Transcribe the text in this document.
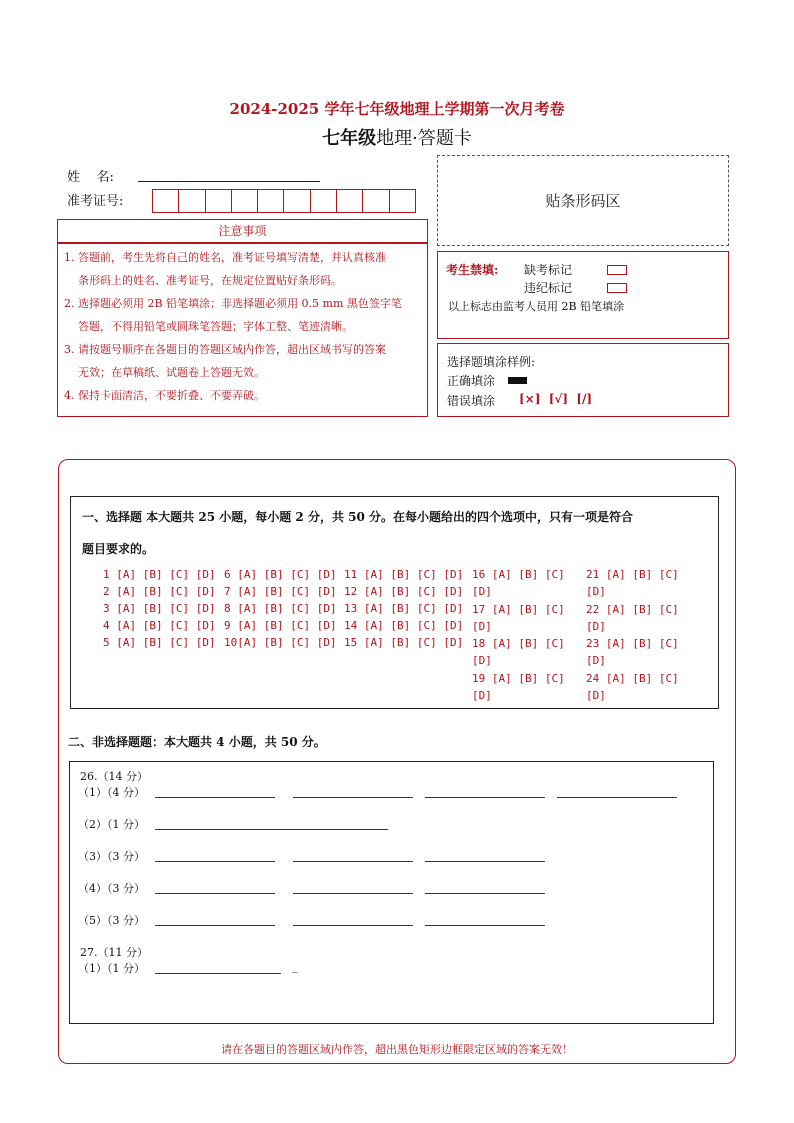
2024-2025 学年七年级地理上学期第一次月考卷
七年级地理·答题卡
姓    名:
准考证号:	贴条形码区
注意事项
1. 答题前，考生先将自己的姓名，准考证号填写清楚，并认真核准
条形码上的姓名、准考证号，在规定位置贴好条形码。
2. 选择题必须用 2B 铅笔填涂；非选择题必须用 0.5 mm 黑色签字笔
答题，不得用铅笔或圆珠笔答题；字体工整、笔迹清晰。
3. 请按题号顺序在各题目的答题区域内作答，超出区域书写的答案
无效；在草稿纸、试题卷上答题无效。
4. 保持卡面清洁，不要折叠、不要弄破。
考生禁填: 缺考标记
违纪标记
以上标志由监考人员用 2B 铅笔填涂
选择题填涂样例:
正确填涂
错误填涂 [×]  [√]  [/]
一、选择题 本大题共 25 小题，每小题 2 分，共 50 分。在每小题给出的四个选项中，只有一项是符合
题目要求的。
1 [A] [B] [C] [D]
2 [A] [B] [C] [D]
3 [A] [B] [C] [D]
4 [A] [B] [C] [D]
5 [A] [B] [C] [D]
6 [A] [B] [C] [D]
7 [A] [B] [C] [D]
8 [A] [B] [C] [D]
9 [A] [B] [C] [D]
10[A] [B] [C] [D]
11 [A] [B] [C] [D]
12 [A] [B] [C] [D]
13 [A] [B] [C] [D]
14 [A] [B] [C] [D]
15 [A] [B] [C] [D]
16 [A] [B] [C]
[D]
17 [A] [B] [C]
[D]
18 [A] [B] [C]
[D]
19 [A] [B] [C]
[D]
21 [A] [B] [C]
[D]
22 [A] [B] [C]
[D]
23 [A] [B] [C]
[D]
24 [A] [B] [C]
[D]
二、非选择题题：本大题共 4 小题，共 50 分。
26.（14 分）
（1）（4 分）
（2）（1 分）
（3）（3 分）
（4）（3 分）
（5）（3 分）
27.（11 分）
（1）（1 分）	_
请在各题目的答题区域内作答，超出黑色矩形边框限定区域的答案无效！
